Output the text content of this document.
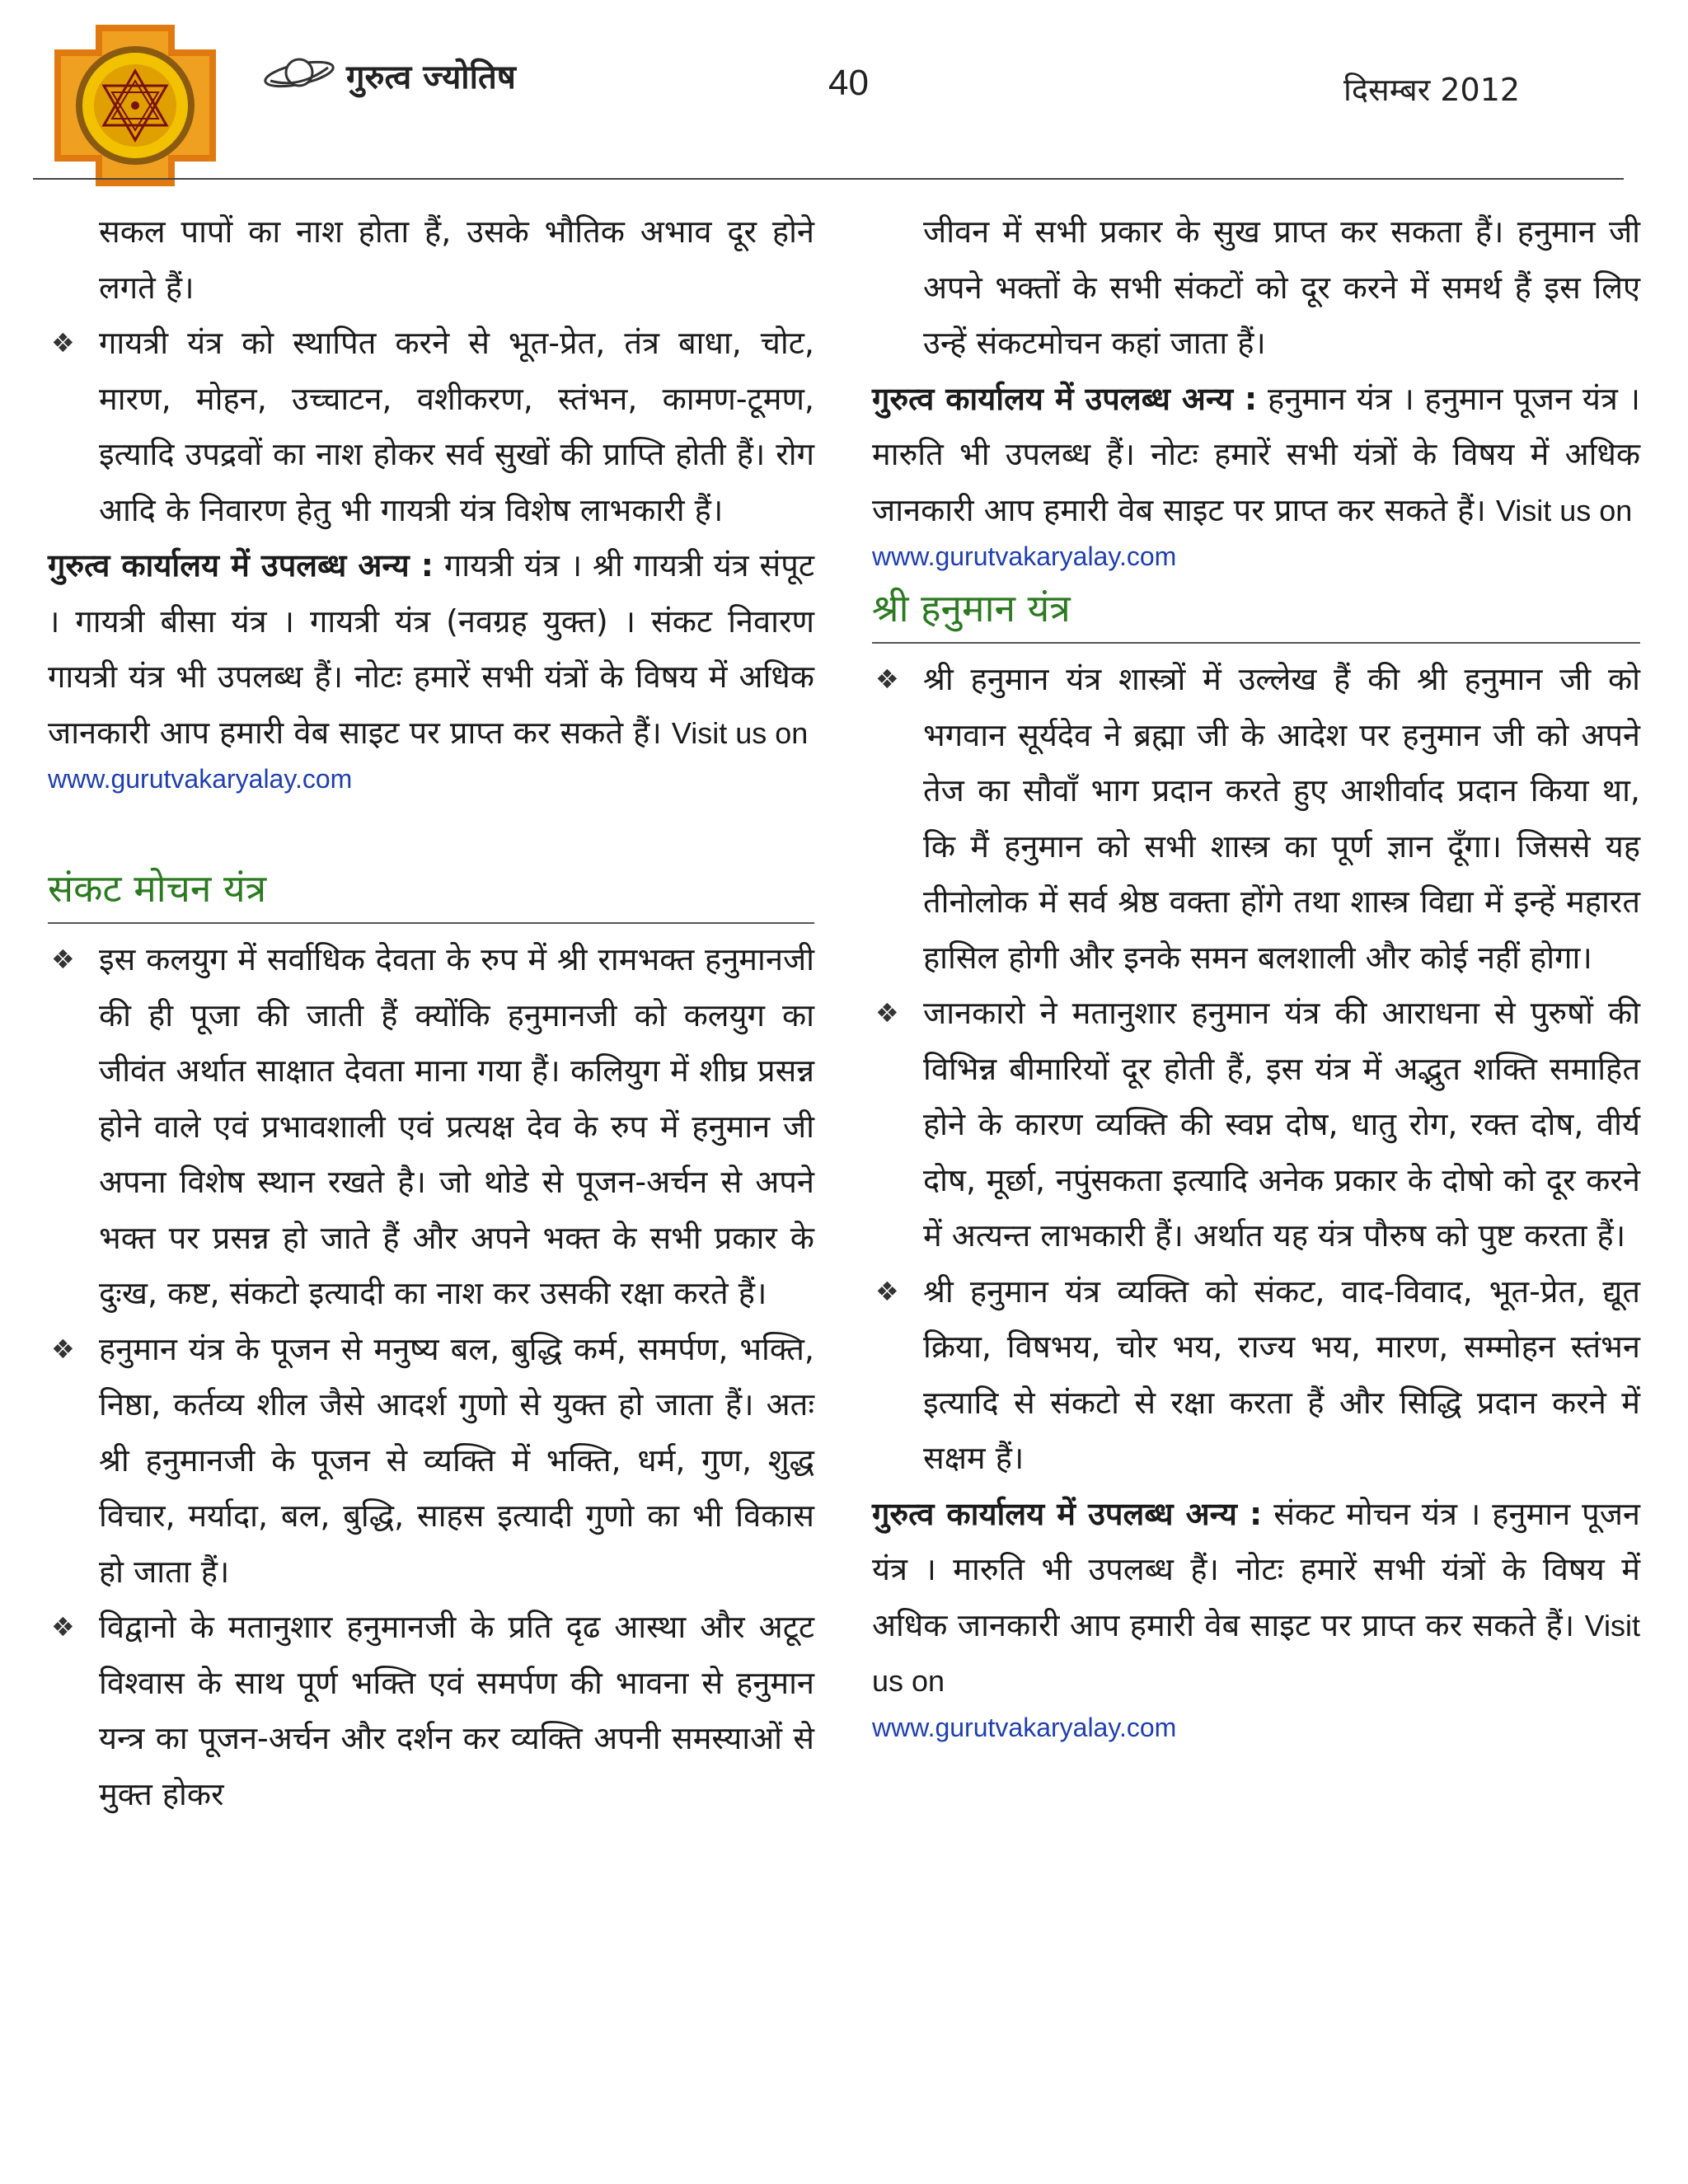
गुरुत्व ज्योतिष	40	दिसम्बर 2012

सकल पापों का नाश होता हैं, उसके भौतिक अभाव दूर होने लगते हैं।

❖ गायत्री यंत्र को स्थापित करने से भूत-प्रेत, तंत्र बाधा, चोट, मारण, मोहन, उच्चाटन, वशीकरण, स्तंभन, कामण-टूमण, इत्यादि उपद्रवों का नाश होकर सर्व सुखों की प्राप्ति होती हैं। रोग आदि के निवारण हेतु भी गायत्री यंत्र विशेष लाभकारी हैं।

गुरुत्व कार्यालय में उपलब्ध अन्य : गायत्री यंत्र । श्री गायत्री यंत्र संपूट । गायत्री बीसा यंत्र । गायत्री यंत्र (नवग्रह युक्त) । संकट निवारण गायत्री यंत्र भी उपलब्ध हैं। नोटः हमारें सभी यंत्रों के विषय में अधिक जानकारी आप हमारी वेब साइट पर प्राप्त कर सकते हैं। Visit us on

www.gurutvakaryalay.com
संकट मोचन यंत्र
❖ इस कलयुग में सर्वाधिक देवता के रुप में श्री रामभक्त हनुमानजी की ही पूजा की जाती हैं क्योंकि हनुमानजी को कलयुग का जीवंत अर्थात साक्षात देवता माना गया हैं। कलियुग में शीघ्र प्रसन्न होने वाले एवं प्रभावशाली एवं प्रत्यक्ष देव के रुप में हनुमान जी अपना विशेष स्थान रखते है। जो थोडे से पूजन-अर्चन से अपने भक्त पर प्रसन्न हो जाते हैं और अपने भक्त के सभी प्रकार के दुःख, कष्ट, संकटो इत्यादी का नाश कर उसकी रक्षा करते हैं।
❖ हनुमान यंत्र के पूजन से मनुष्य बल, बुद्धि कर्म, समर्पण, भक्ति, निष्ठा, कर्तव्य शील जैसे आदर्श गुणो से युक्त हो जाता हैं। अतः श्री हनुमानजी के पूजन से व्यक्ति में भक्ति, धर्म, गुण, शुद्ध विचार, मर्यादा, बल, बुद्धि, साहस इत्यादी गुणो का भी विकास हो जाता हैं।
❖ विद्वानो के मतानुशार हनुमानजी के प्रति दृढ आस्था और अटूट विश्वास के साथ पूर्ण भक्ति एवं समर्पण की भावना से हनुमान यन्त्र का पूजन-अर्चन और दर्शन कर व्यक्ति अपनी समस्याओं से मुक्त होकर

जीवन में सभी प्रकार के सुख प्राप्त कर सकता हैं। हनुमान जी अपने भक्तों के सभी संकटों को दूर करने में समर्थ हैं इस लिए उन्हें संकटमोचन कहां जाता हैं।

गुरुत्व कार्यालय में उपलब्ध अन्य : हनुमान यंत्र । हनुमान पूजन यंत्र । मारुति भी उपलब्ध हैं। नोटः हमारें सभी यंत्रों के विषय में अधिक जानकारी आप हमारी वेब साइट पर प्राप्त कर सकते हैं। Visit us on

www.gurutvakaryalay.com
श्री हनुमान यंत्र
❖ श्री हनुमान यंत्र शास्त्रों में उल्लेख हैं की श्री हनुमान जी को भगवान सूर्यदेव ने ब्रह्मा जी के आदेश पर हनुमान जी को अपने तेज का सौवाँ भाग प्रदान करते हुए आशीर्वाद प्रदान किया था, कि मैं हनुमान को सभी शास्त्र का पूर्ण ज्ञान दूँगा। जिससे यह तीनोलोक में सर्व श्रेष्ठ वक्ता होंगे तथा शास्त्र विद्या में इन्हें महारत हासिल होगी और इनके समन बलशाली और कोई नहीं होगा।
❖ जानकारो ने मतानुशार हनुमान यंत्र की आराधना से पुरुषों की विभिन्न बीमारियों दूर होती हैं, इस यंत्र में अद्भुत शक्ति समाहित होने के कारण व्यक्ति की स्वप्न दोष, धातु रोग, रक्त दोष, वीर्य दोष, मूर्छा, नपुंसकता इत्यादि अनेक प्रकार के दोषो को दूर करने में अत्यन्त लाभकारी हैं। अर्थात यह यंत्र पौरुष को पुष्ट करता हैं।
❖ श्री हनुमान यंत्र व्यक्ति को संकट, वाद-विवाद, भूत-प्रेत, द्यूत क्रिया, विषभय, चोर भय, राज्य भय, मारण, सम्मोहन स्तंभन इत्यादि से संकटो से रक्षा करता हैं और सिद्धि प्रदान करने में सक्षम हैं।

गुरुत्व कार्यालय में उपलब्ध अन्य : संकट मोचन यंत्र । हनुमान पूजन यंत्र । मारुति भी उपलब्ध हैं। नोटः हमारें सभी यंत्रों के विषय में अधिक जानकारी आप हमारी वेब साइट पर प्राप्त कर सकते हैं। Visit us on

www.gurutvakaryalay.com
